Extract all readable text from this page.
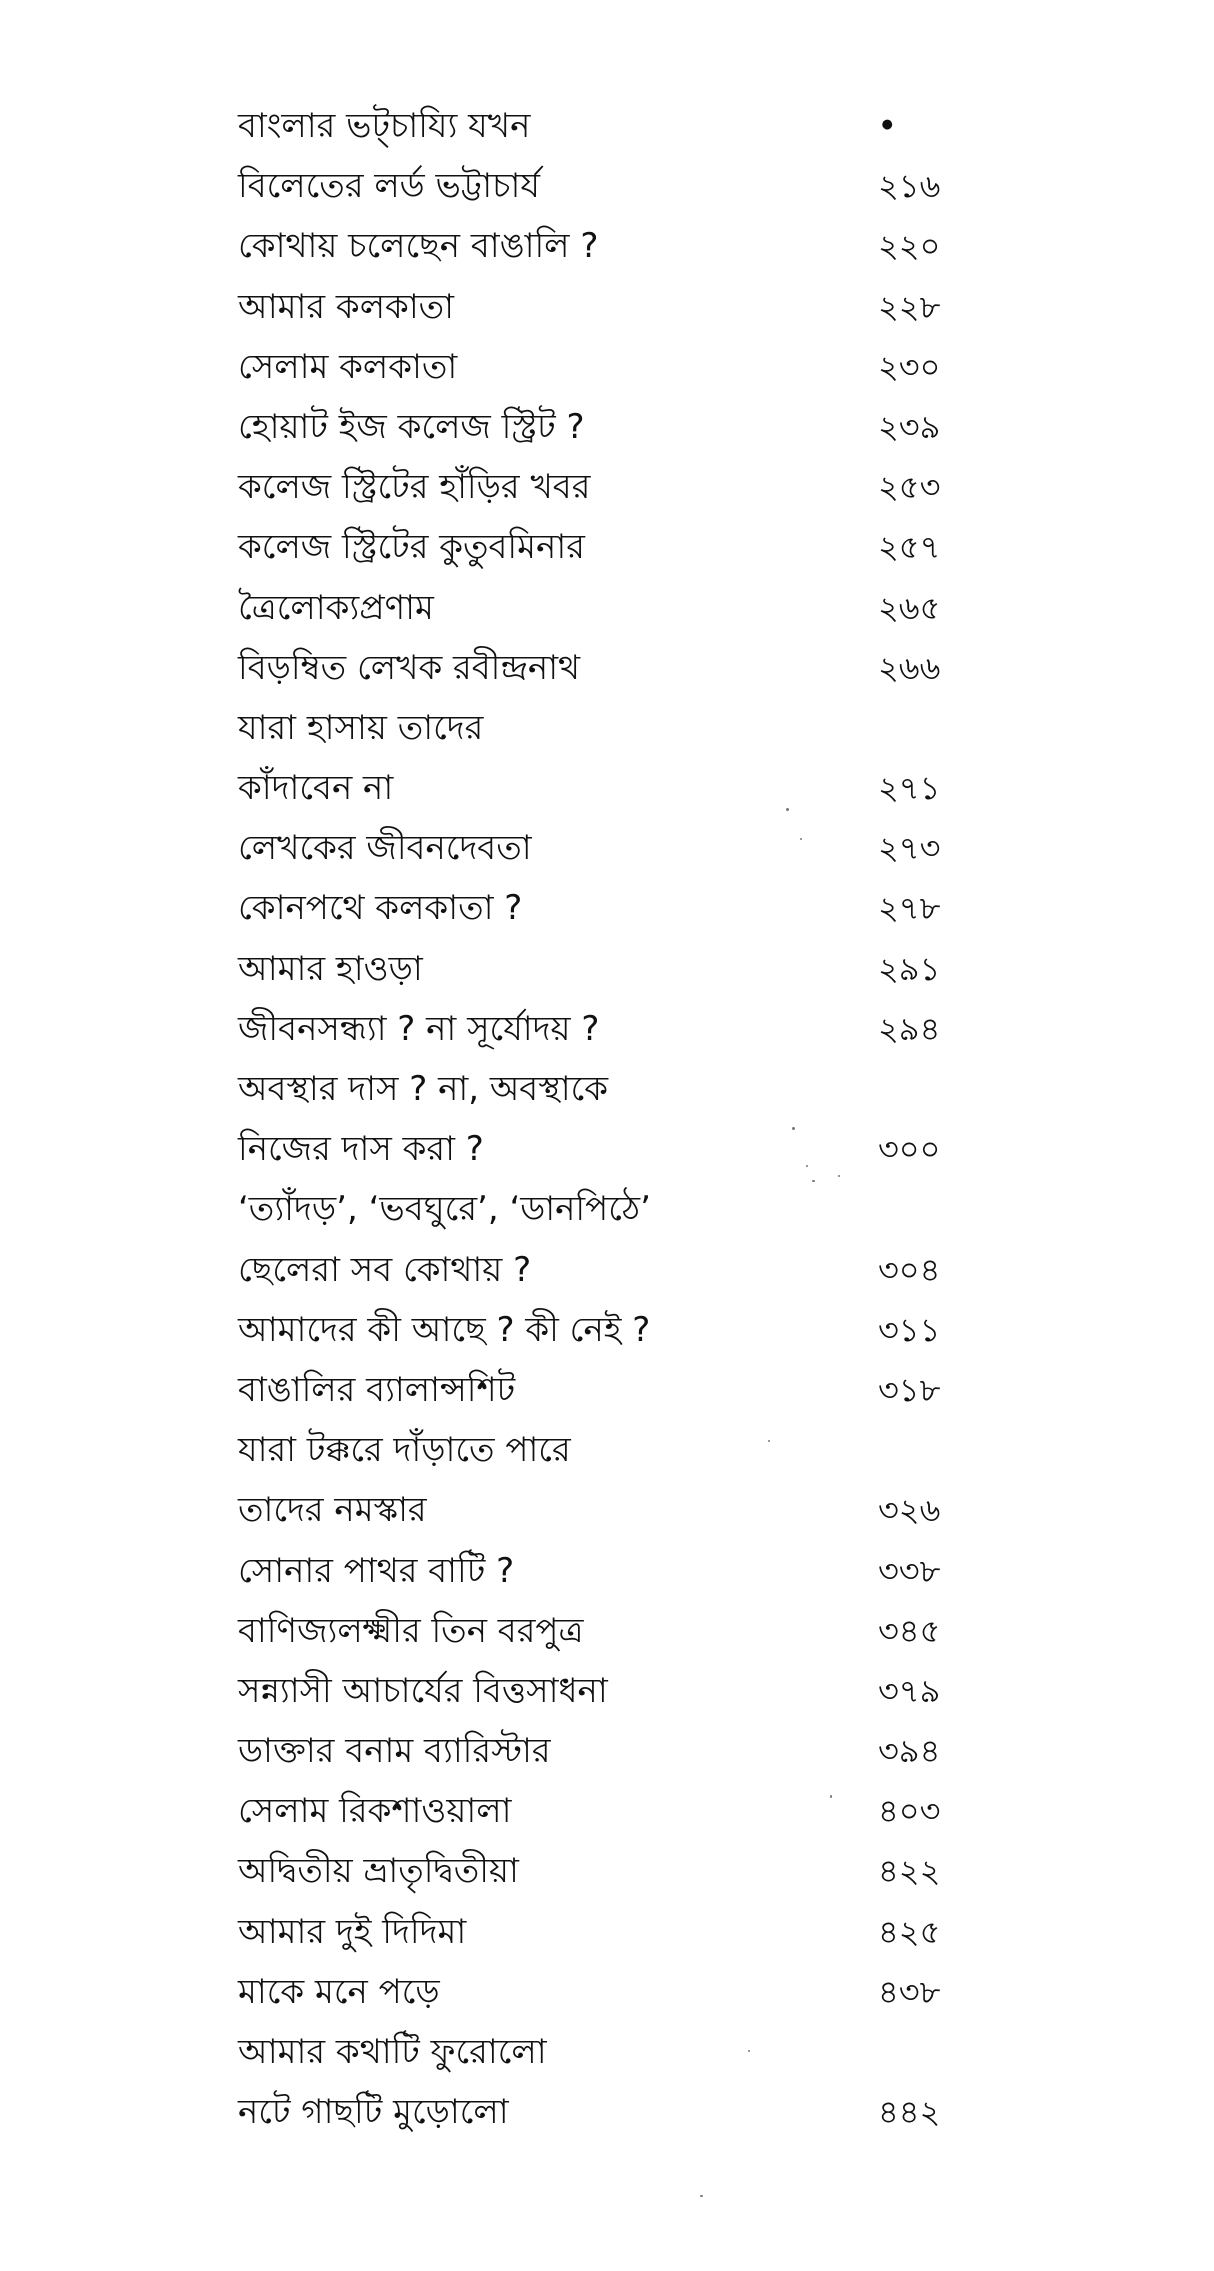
বাংলার ভট্চায্যি যখন	•
বিলেতের লর্ড ভট্টাচার্য	২১৬
কোথায় চলেছেন বাঙালি ?	২২০
আমার কলকাতা	২২৮
সেলাম কলকাতা	২৩০
হোয়াট ইজ কলেজ স্ট্রিট ?	২৩৯
কলেজ স্ট্রিটের হাঁড়ির খবর	২৫৩
কলেজ স্ট্রিটের কুতুবমিনার	২৫৭
ত্রৈলোক্যপ্রণাম	২৬৫
বিড়ম্বিত লেখক রবীন্দ্রনাথ	২৬৬
যারা হাসায় তাদের
কাঁদাবেন না	২৭১
লেখকের জীবনদেবতা	২৭৩
কোনপথে কলকাতা ?	২৭৮
আমার হাওড়া	২৯১
জীবনসন্ধ্যা ? না সূর্যোদয় ?	২৯৪
অবস্থার দাস ? না, অবস্থাকে
নিজের দাস করা ?	৩০০
‘ত্যাঁদড়’, ‘ভবঘুরে’, ‘ডানপিঠে’
ছেলেরা সব কোথায় ?	৩০৪
আমাদের কী আছে ? কী নেই ?	৩১১
বাঙালির ব্যালান্সশিট	৩১৮
যারা টক্করে দাঁড়াতে পারে
তাদের নমস্কার	৩২৬
সোনার পাথর বাটি ?	৩৩৮
বাণিজ্যলক্ষ্মীর তিন বরপুত্র	৩৪৫
সন্ন্যাসী আচার্যের বিত্তসাধনা	৩৭৯
ডাক্তার বনাম ব্যারিস্টার	৩৯৪
সেলাম রিকশাওয়ালা	৪০৩
অদ্বিতীয় ভ্রাতৃদ্বিতীয়া	৪২২
আমার দুই দিদিমা	৪২৫
মাকে মনে পড়ে	৪৩৮
আমার কথাটি ফুরোলো
নটে গাছটি মুড়োলো	৪৪২
